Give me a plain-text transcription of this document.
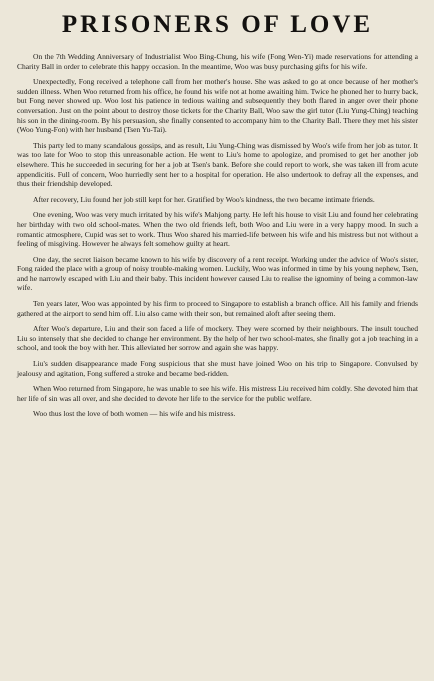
PRISONERS OF LOVE

On the 7th Wedding Anniversary of Industrialist Woo Bing-Chung, his wife (Fong Wen-Yi) made reservations for attending a Charity Ball in order to celebrate this happy occasion. In the meantime, Woo was busy purchasing gifts for his wife.

Unexpectedly, Fong received a telephone call from her mother's house. She was asked to go at once because of her mother's sudden illness. When Woo returned from his office, he found his wife not at home awaiting him. Twice he phoned her to hurry back, but Fong never showed up. Woo lost his patience in tedious waiting and subsequently they both flared in anger over their phone conversation. Just on the point about to destroy those tickets for the Charity Ball, Woo saw the girl tutor (Liu Yung-Ching) teaching his son in the dining-room. By his persuasion, she finally consented to accompany him to the Charity Ball. There they met his sister (Woo Yung-Fon) with her husband (Tsen Yu-Tai).

This party led to many scandalous gossips, and as result, Liu Yung-Ching was dismissed by Woo's wife from her job as tutor. It was too late for Woo to stop this unreasonable action. He went to Liu's home to apologize, and promised to get her another job elsewhere. This he succeeded in securing for her a job at Tsen's bank. Before she could report to work, she was taken ill from acute appendicitis. Full of concern, Woo hurriedly sent her to a hospital for operation. He also undertook to defray all the expenses, and thus their friendship developed.

After recovery, Liu found her job still kept for her. Gratified by Woo's kindness, the two became intimate friends.

One evening, Woo was very much irritated by his wife's Mahjong party. He left his house to visit Liu and found her celebrating her birthday with two old school-mates. When the two old friends left, both Woo and Liu were in a very happy mood. In such a romantic atmosphere, Cupid was set to work. Thus Woo shared his married-life between his wife and his mistress but not without a feeling of misgiving. However he always felt somehow guilty at heart.

One day, the secret liaison became known to his wife by discovery of a rent receipt. Working under the advice of Woo's sister, Fong raided the place with a group of noisy trouble-making women. Luckily, Woo was informed in time by his young nephew, Tsen, and he narrowly escaped with Liu and their baby. This incident however caused Liu to realise the ignominy of being a common-law wife.

Ten years later, Woo was appointed by his firm to proceed to Singapore to establish a branch office. All his family and friends gathered at the airport to send him off. Liu also came with their son, but remained aloft after seeing them.

After Woo's departure, Liu and their son faced a life of mockery. They were scorned by their neighbours. The insult touched Liu so intensely that she decided to change her environment. By the help of her two school-mates, she finally got a job teaching in a school, and took the boy with her. This alleviated her sorrow and again she was happy.

Liu's sudden disappearance made Fong suspicious that she must have joined Woo on his trip to Singapore. Convulsed by jealousy and agitation, Fong suffered a stroke and became bed-ridden.

When Woo returned from Singapore, he was unable to see his wife. His mistress Liu received him coldly. She devoted him that her life of sin was all over, and she decided to devote her life to the service for the public welfare.

Woo thus lost the love of both women — his wife and his mistress.
